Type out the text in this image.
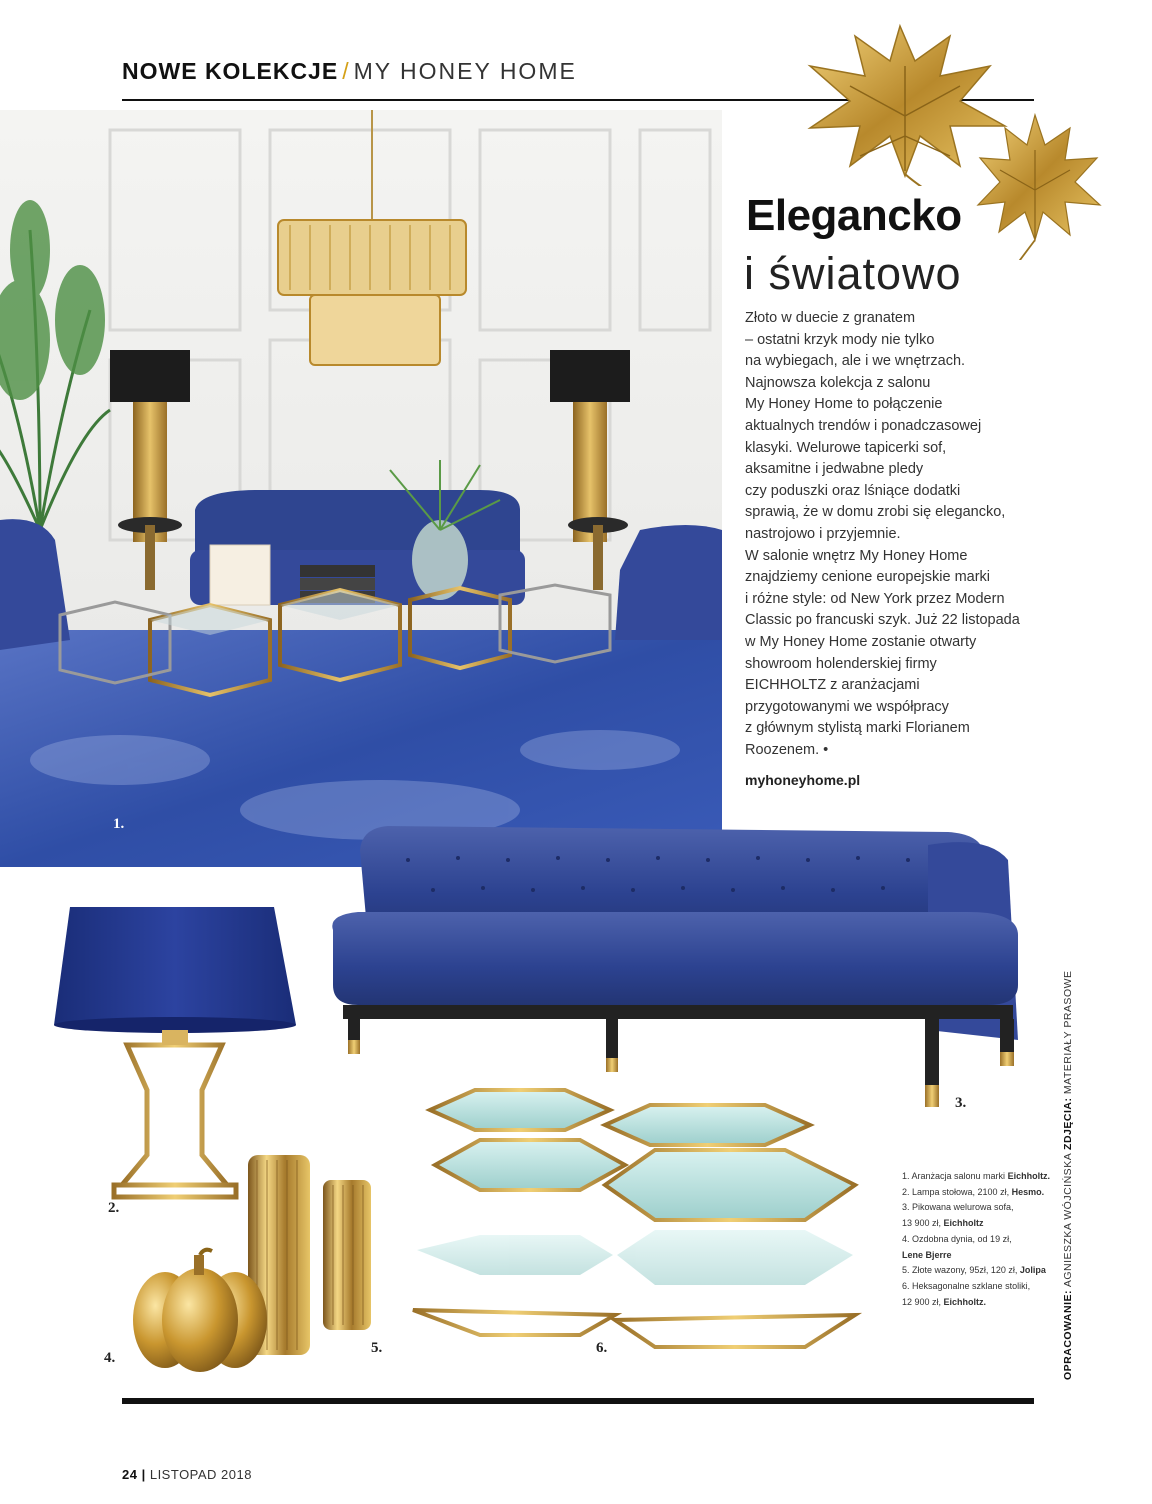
NOWE KOLEKCJE / MY HONEY HOME
1.
Elegancko
i światowo

Złoto w duecie z granatem

– ostatni krzyk mody nie tylko

na wybiegach, ale i we wnętrzach.

Najnowsza kolekcja z salonu

My Honey Home to połączenie

aktualnych trendów i ponadczasowej

klasyki. Welurowe tapicerki sof,

aksamitne i jedwabne pledy

czy poduszki oraz lśniące dodatki

sprawią, że w domu zrobi się elegancko,

nastrojowo i przyjemnie.

W salonie wnętrz My Honey Home

znajdziemy cenione europejskie marki

i różne style: od New York przez Modern

Classic po francuski szyk. Już 22 listopada

w My Honey Home zostanie otwarty

showroom holenderskiej firmy

EICHHOLTZ z aranżacjami

przygotowanymi we współpracy

z głównym stylistą marki Florianem

Roozenem. •

myhoneyhome.pl
3.
2.
5.
4.
6.
1. Aranżacja salonu marki Eichholtz.
2. Lampa stołowa, 2100 zł, Hesmo.
3. Pikowana welurowa sofa,
13 900 zł, Eichholtz
4. Ozdobna dynia, od 19 zł,
Lene Bjerre
5. Złote wazony, 95zł, 120 zł, Jolipa
6. Heksagonalne szklane stoliki,
12 900 zł, Eichholtz.	OPRACOWANIE: AGNIESZKA WÓJCIŃSKA ZDJĘCIA: MATERIAŁY PRASOWE
24 | LISTOPAD 2018
